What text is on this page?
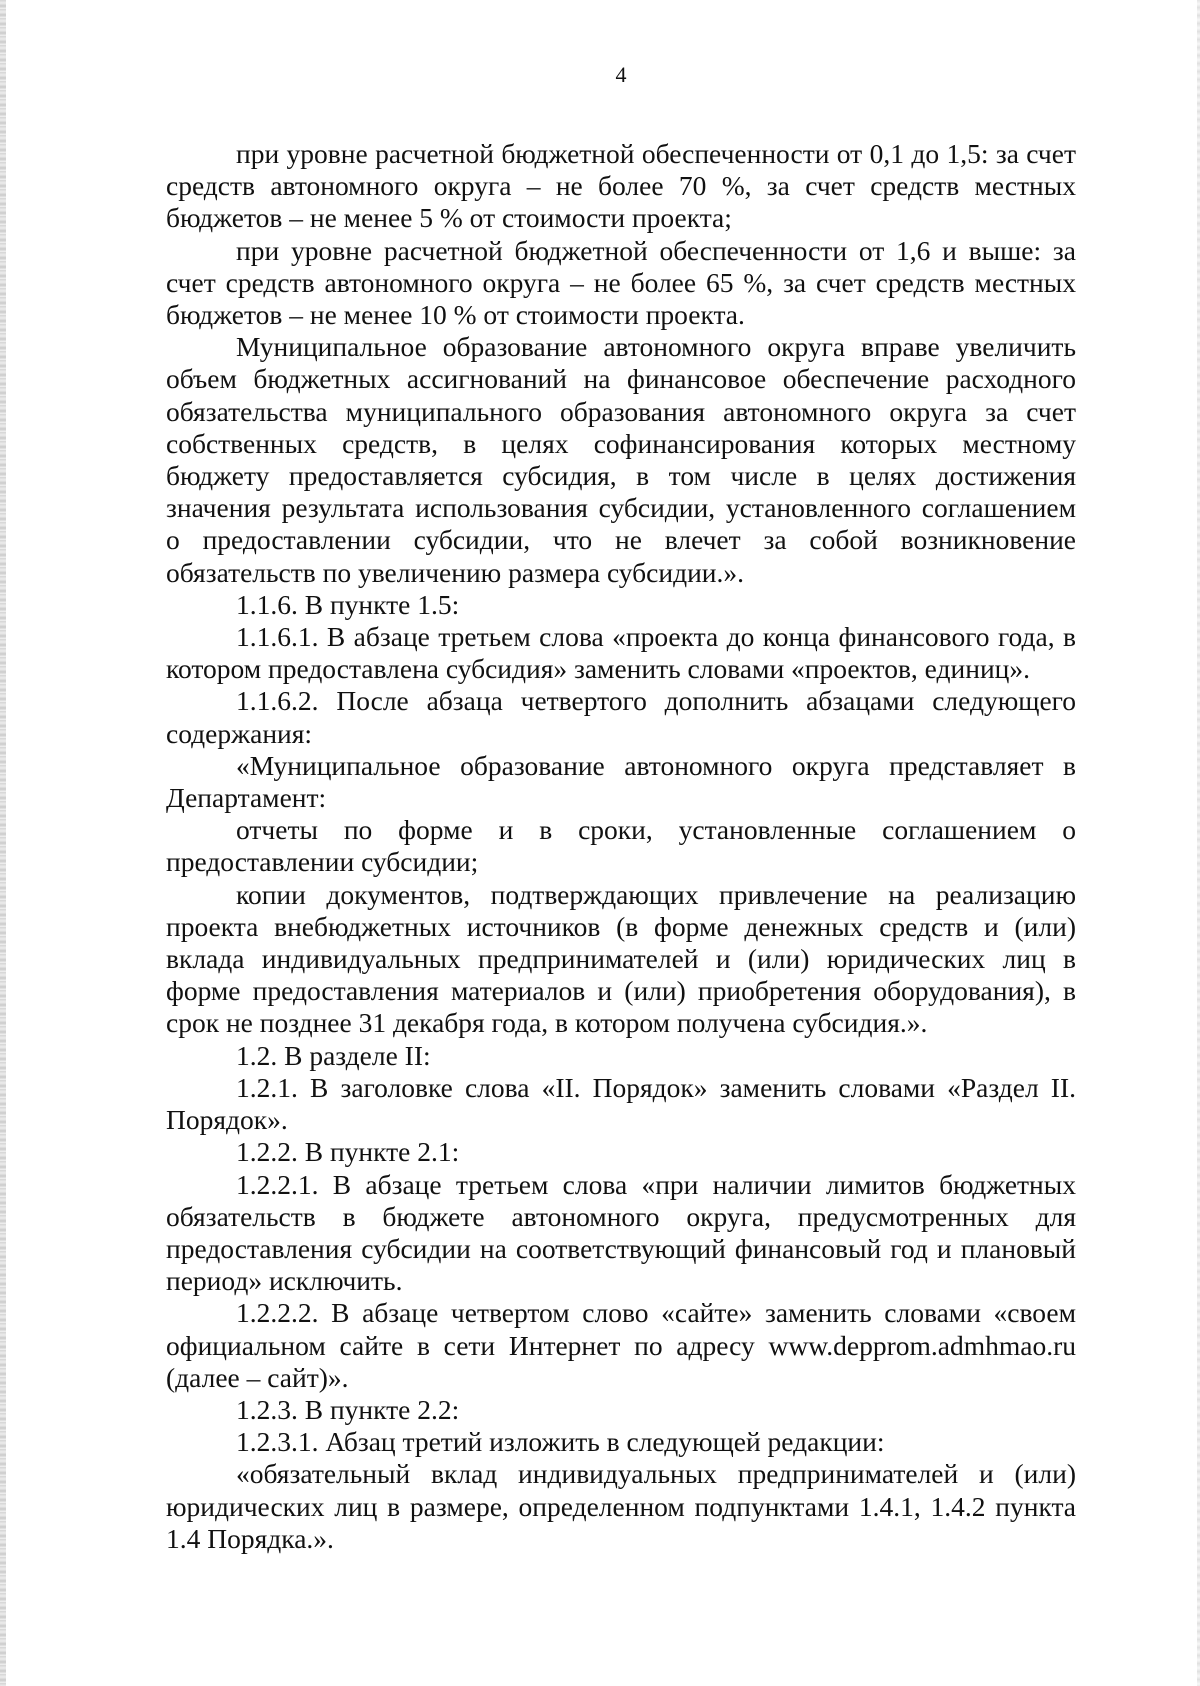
4

при уровне расчетной бюджетной обеспеченности от 0,1 до 1,5: за счет средств автономного округа – не более 70 %, за счет средств местных бюджетов – не менее 5 % от стоимости проекта;

при уровне расчетной бюджетной обеспеченности от 1,6 и выше: за счет средств автономного округа – не более 65 %, за счет средств местных бюджетов – не менее 10 % от стоимости проекта.

Муниципальное образование автономного округа вправе увеличить объем бюджетных ассигнований на финансовое обеспечение расходного обязательства муниципального образования автономного округа за счет собственных средств, в целях софинансирования которых местному бюджету предоставляется субсидия, в том числе в целях достижения значения результата использования субсидии, установленного соглашением о предоставлении субсидии, что не влечет за собой возникновение обязательств по увеличению размера субсидии.».

1.1.6. В пункте 1.5:

1.1.6.1. В абзаце третьем слова «проекта до конца финансового года, в котором предоставлена субсидия» заменить словами «проектов, единиц».

1.1.6.2. После абзаца четвертого дополнить абзацами следующего содержания:

«Муниципальное образование автономного округа представляет в Департамент:

отчеты по форме и в сроки, установленные соглашением о предоставлении субсидии;

копии документов, подтверждающих привлечение на реализацию проекта внебюджетных источников (в форме денежных средств и (или) вклада индивидуальных предпринимателей и (или) юридических лиц в форме предоставления материалов и (или) приобретения оборудования), в срок не позднее 31 декабря года, в котором получена субсидия.».

1.2. В разделе II:

1.2.1. В заголовке слова «II. Порядок» заменить словами «Раздел II. Порядок».

1.2.2. В пункте 2.1:

1.2.2.1. В абзаце третьем слова «при наличии лимитов бюджетных обязательств в бюджете автономного округа, предусмотренных для предоставления субсидии на соответствующий финансовый год и плановый период» исключить.

1.2.2.2. В абзаце четвертом слово «сайте» заменить словами «своем официальном сайте в сети Интернет по адресу www.depprom.admhmao.ru (далее – сайт)».

1.2.3. В пункте 2.2:

1.2.3.1. Абзац третий изложить в следующей редакции:

«обязательный вклад индивидуальных предпринимателей и (или) юридических лиц в размере, определенном подпунктами 1.4.1, 1.4.2 пункта 1.4 Порядка.».
